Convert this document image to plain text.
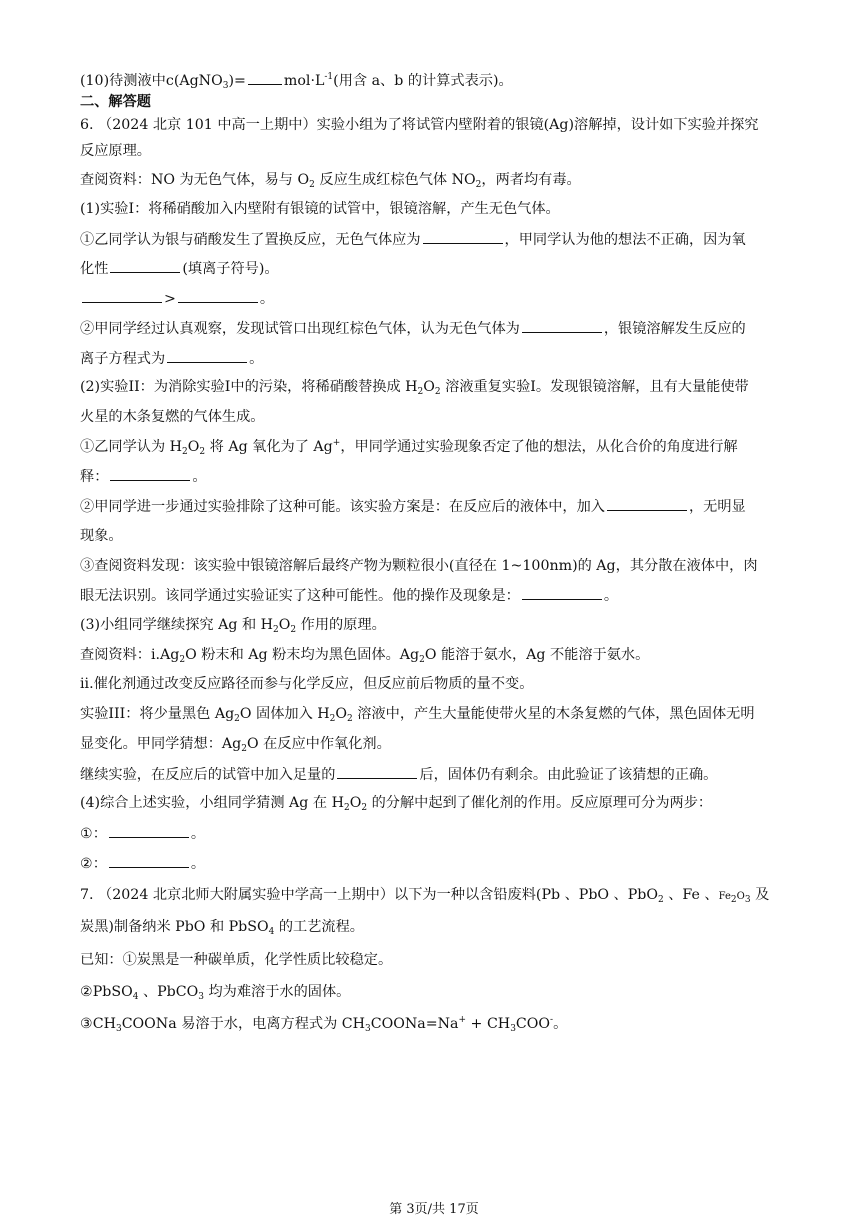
(10)待测液中c(AgNO$_3$)=	$mol\cdot L^{-1}$(用含 a、b 的计算式表示)。
二、解答题
6. （2024 北京 101 中高一上期中）实验小组为了将试管内壁附着的银镜(Ag)溶解掉，设计如下实验并探究
反应原理。
查阅资料：NO 为无色气体，易与 $O_2$ 反应生成红棕色气体 $NO_2$，两者均有毒。
(1)实验I：将稀硝酸加入内壁附有银镜的试管中，银镜溶解，产生无色气体。
①乙同学认为银与硝酸发生了置换反应，无色气体应为	，甲同学认为他的想法不正确，因为氧
化性	(填离子符号)。
>	。
②甲同学经过认真观察，发现试管口出现红棕色气体，认为无色气体为	，银镜溶解发生反应的
离子方程式为	。
(2)实验II：为消除实验I中的污染，将稀硝酸替换成 $H_2O_2$ 溶液重复实验I。发现银镜溶解，且有大量能使带
火星的木条复燃的气体生成。
①乙同学认为 $H_2O_2$ 将 Ag 氧化为了 Ag+，甲同学通过实验现象否定了他的想法，从化合价的角度进行解
释：	。
②甲同学进一步通过实验排除了这种可能。该实验方案是：在反应后的液体中，加入	，无明显
现象。
③查阅资料发现：该实验中银镜溶解后最终产物为颗粒很小(直径在 1~100nm)的 Ag，其分散在液体中，肉
眼无法识别。该同学通过实验证实了这种可能性。他的操作及现象是：	。
(3)小组同学继续探究 Ag 和 $H_2O_2$ 作用的原理。
查阅资料：$i.Ag_2O$ 粉末和 Ag 粉末均为黑色固体。$Ag_2O$ 能溶于氨水，Ag 不能溶于氨水。
ii.催化剂通过改变反应路径而参与化学反应，但反应前后物质的量不变。
实验III：将少量黑色 $Ag_2O$ 固体加入 $H_2O_2$ 溶液中，产生大量能使带火星的木条复燃的气体，黑色固体无明
显变化。甲同学猜想：$Ag_2O$ 在反应中作氧化剂。
继续实验，在反应后的试管中加入足量的	后，固体仍有剩余。由此验证了该猜想的正确。
(4)综合上述实验，小组同学猜测 Ag 在 $H_2O_2$ 的分解中起到了催化剂的作用。反应原理可分为两步：
①：	。
②：	。
7. （2024 北京北师大附属实验中学高一上期中）以下为一种以含铅废料(Pb 、PbO 、PbO$_2$ 、Fe 、$Fe_2O_3$ 及
炭黑)制备纳米 PbO 和 PbSO$_4$ 的工艺流程。
已知：①炭黑是一种碳单质，化学性质比较稳定。
②PbSO$_4$ 、PbCO$_3$ 均为难溶于水的固体。
$③CH_3COONa$ 易溶于水，电离方程式为 $CH_3COONa=Na^+ + CH_3COO^-$。
第 3页/共 17页
